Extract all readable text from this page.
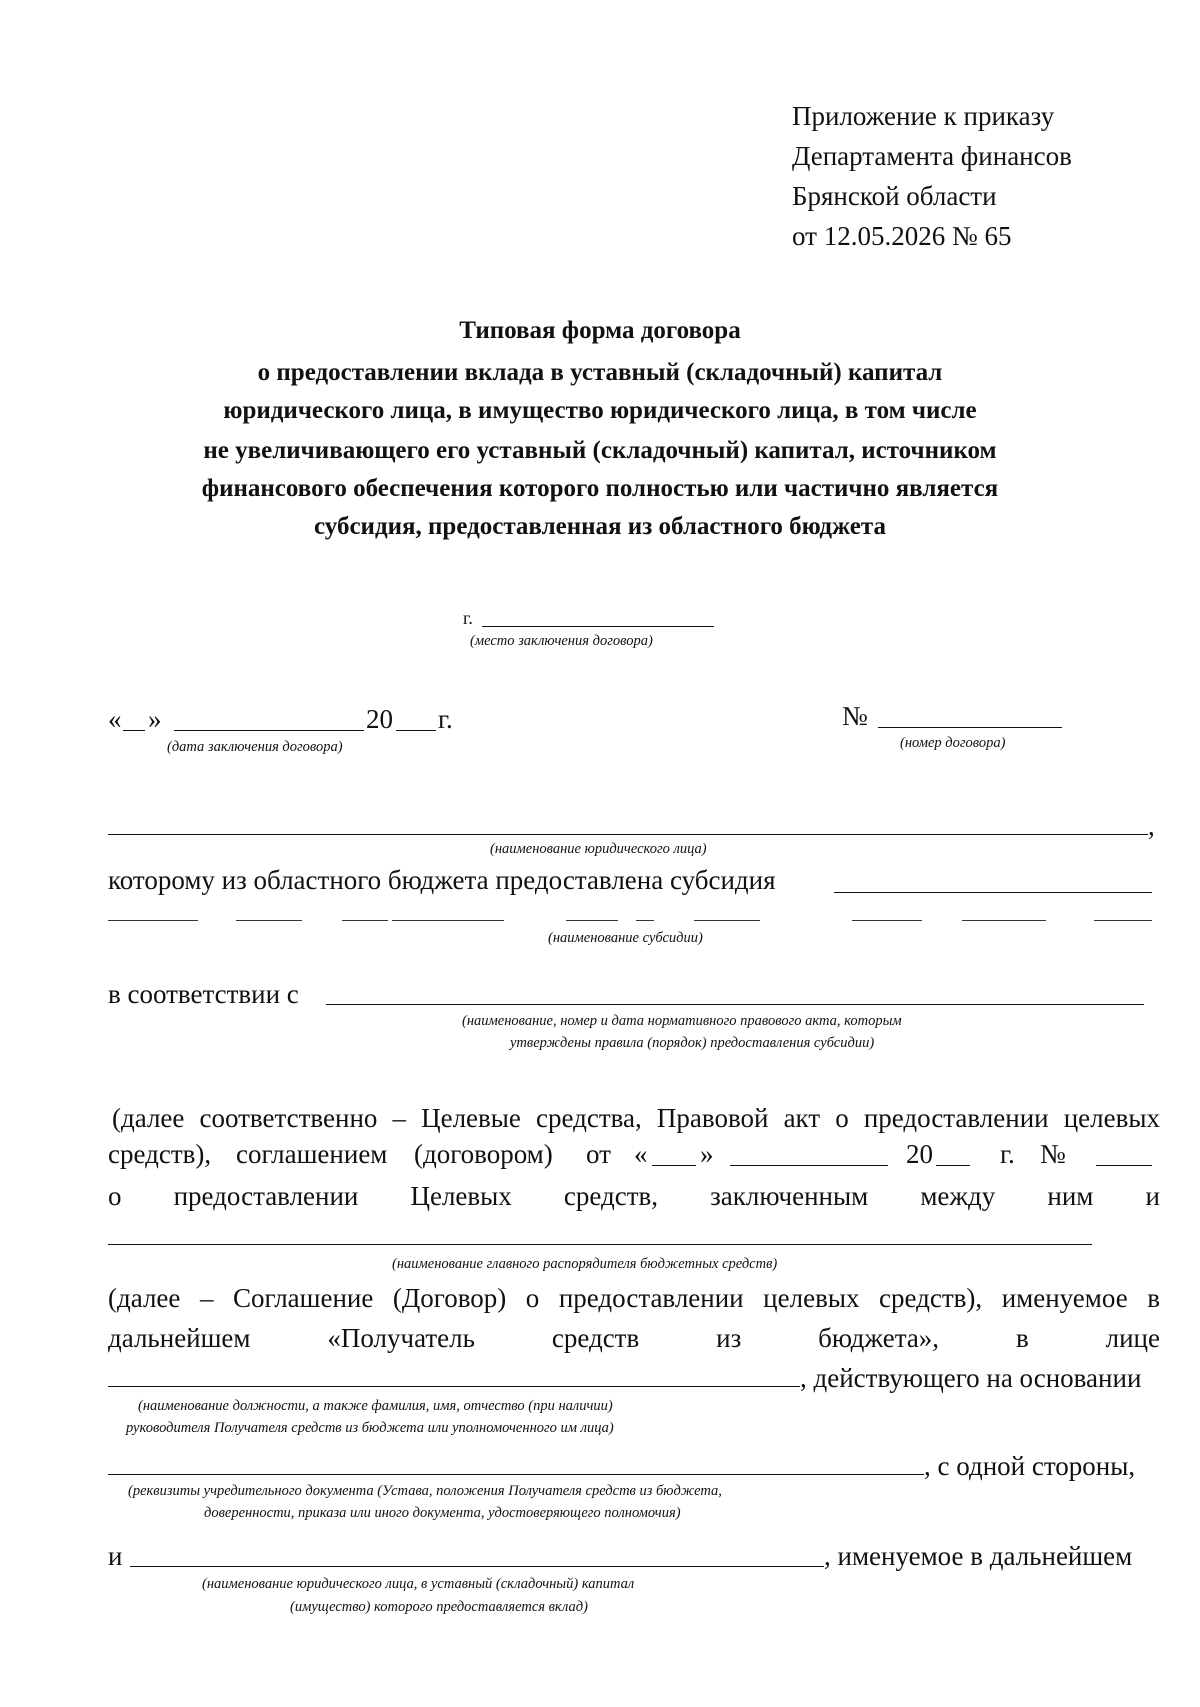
Приложение к приказу
Департамента финансов
Брянской области
от 12.05.2026 № 65
Типовая форма договора
о предоставлении вклада в уставный (складочный) капитал
юридического лица, в имущество юридического лица, в том числе
не увеличивающего его уставный (складочный) капитал, источником
финансового обеспечения которого полностью или частично является
субсидия, предоставленная из областного бюджета
г.
(место заключения договора)
« »	20 г.
(дата заключения договора)
№
(номер договора)
,
(наименование юридического лица)
которому из областного бюджета предоставлена субсидия
(наименование субсидии)
в соответствии с
(наименование, номер и дата нормативного правового акта, которым
утверждены правила (порядок) предоставления субсидии)
(далее соответственно – Целевые средства, Правовой акт о предоставлении целевых
средств), соглашением (договором) от « »	20 г. №
о предоставлении Целевых средств, заключенным между ним и
(наименование главного распорядителя бюджетных средств)
(далее – Соглашение (Договор) о предоставлении целевых средств), именуемое в
дальнейшем	«Получатель	средств	из	бюджета»,	в	лице
, действующего на основании
(наименование должности, а также фамилия, имя, отчество (при наличии)
руководителя Получателя средств из бюджета или уполномоченного им лица)
, с одной стороны,
(реквизиты учредительного документа (Устава, положения Получателя средств из бюджета,
доверенности, приказа или иного документа, удостоверяющего полномочия)
и	, именуемое в дальнейшем
(наименование юридического лица, в уставный (складочный) капитал
(имущество) которого предоставляется вклад)
